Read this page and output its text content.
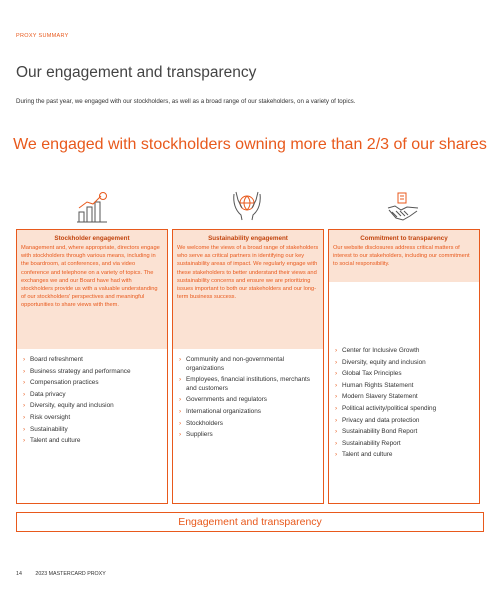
PROXY SUMMARY
Our engagement and transparency

During the past year, we engaged with our stockholders, as well as a broad range of our stakeholders, on a variety of topics.

We engaged with stockholders owning more than 2/3 of our shares
Stockholder engagement
Management and, where appropriate, directors engage with stockholders through various means, including in the boardroom, at conferences, and via video conference and telephone on a variety of topics. The exchanges we and our Board have had with stockholders provide us with a valuable understanding of our stockholders' perspectives and meaningful opportunities to share views with them.
› Board refreshment
› Business strategy and performance
› Compensation practices
› Data privacy
› Diversity, equity and inclusion
› Risk oversight
› Sustainability
› Talent and culture
Sustainability engagement
We welcome the views of a broad range of stakeholders who serve as critical partners in identifying our key sustainability areas of impact. We regularly engage with these stakeholders to better understand their views and sustainability concerns and ensure we are prioritizing issues important to both our stakeholders and our long-term business success.
› Community and non-governmental organizations
› Employees, financial institutions, merchants and customers
› Governments and regulators
› International organizations
› Stockholders
› Suppliers
Commitment to transparency
Our website disclosures address critical matters of interest to our stakeholders, including our commitment to social responsibility.
› Center for Inclusive Growth
› Diversity, equity and inclusion
› Global Tax Principles
› Human Rights Statement
› Modern Slavery Statement
› Political activity/political spending
› Privacy and data protection
› Sustainability Bond Report
› Sustainability Report
› Talent and culture
Engagement and transparency
14	2023 MASTERCARD PROXY
